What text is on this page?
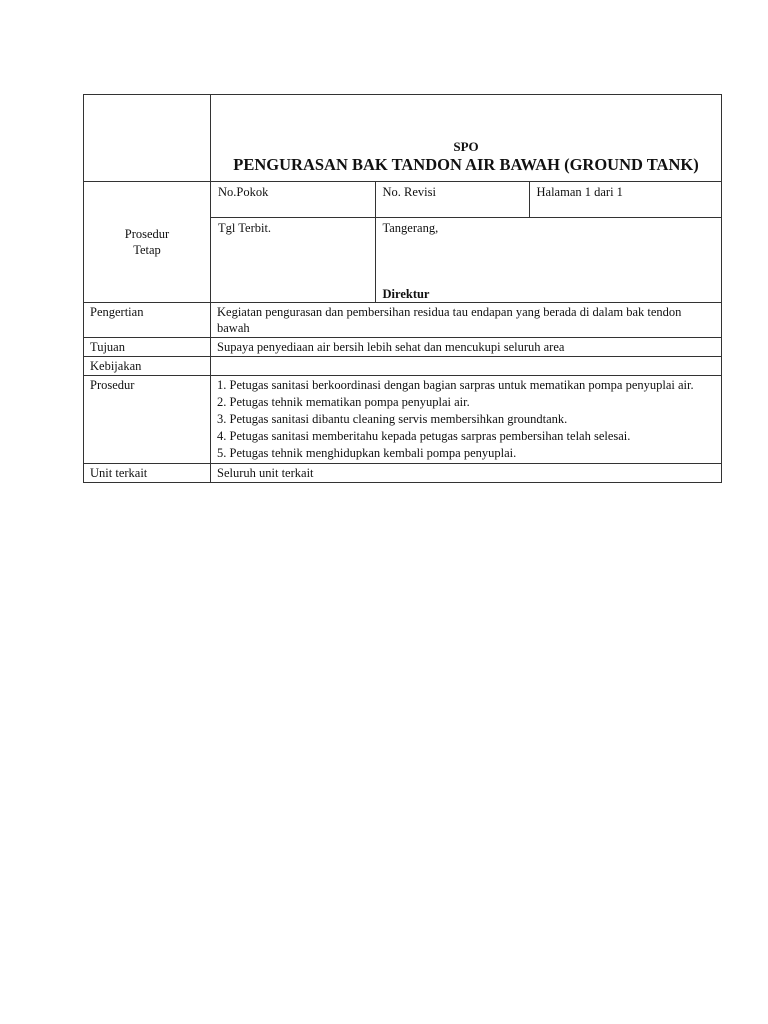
SPO
PENGURASAN BAK TANDON AIR BAWAH (GROUND TANK)

Prosedur
Tetap

No.Pokok	No. Revisi	Halaman 1 dari 1
Tgl Terbit.	Tangerang,
Direktur

Pengertian	Kegiatan pengurasan dan pembersihan residua tau endapan yang berada di dalam bak tendon bawah
Tujuan	Supaya penyediaan air bersih lebih sehat dan mencukupi seluruh area
Kebijakan	
Prosedur	1. Petugas sanitasi berkoordinasi dengan bagian sarpras untuk mematikan pompa penyuplai air.
2. Petugas tehnik mematikan pompa penyuplai air.
3. Petugas sanitasi dibantu cleaning servis membersihkan groundtank.
4. Petugas sanitasi memberitahu kepada petugas sarpras pembersihan telah selesai.
5. Petugas tehnik menghidupkan kembali pompa penyuplai.

Unit terkait	Seluruh unit terkait
